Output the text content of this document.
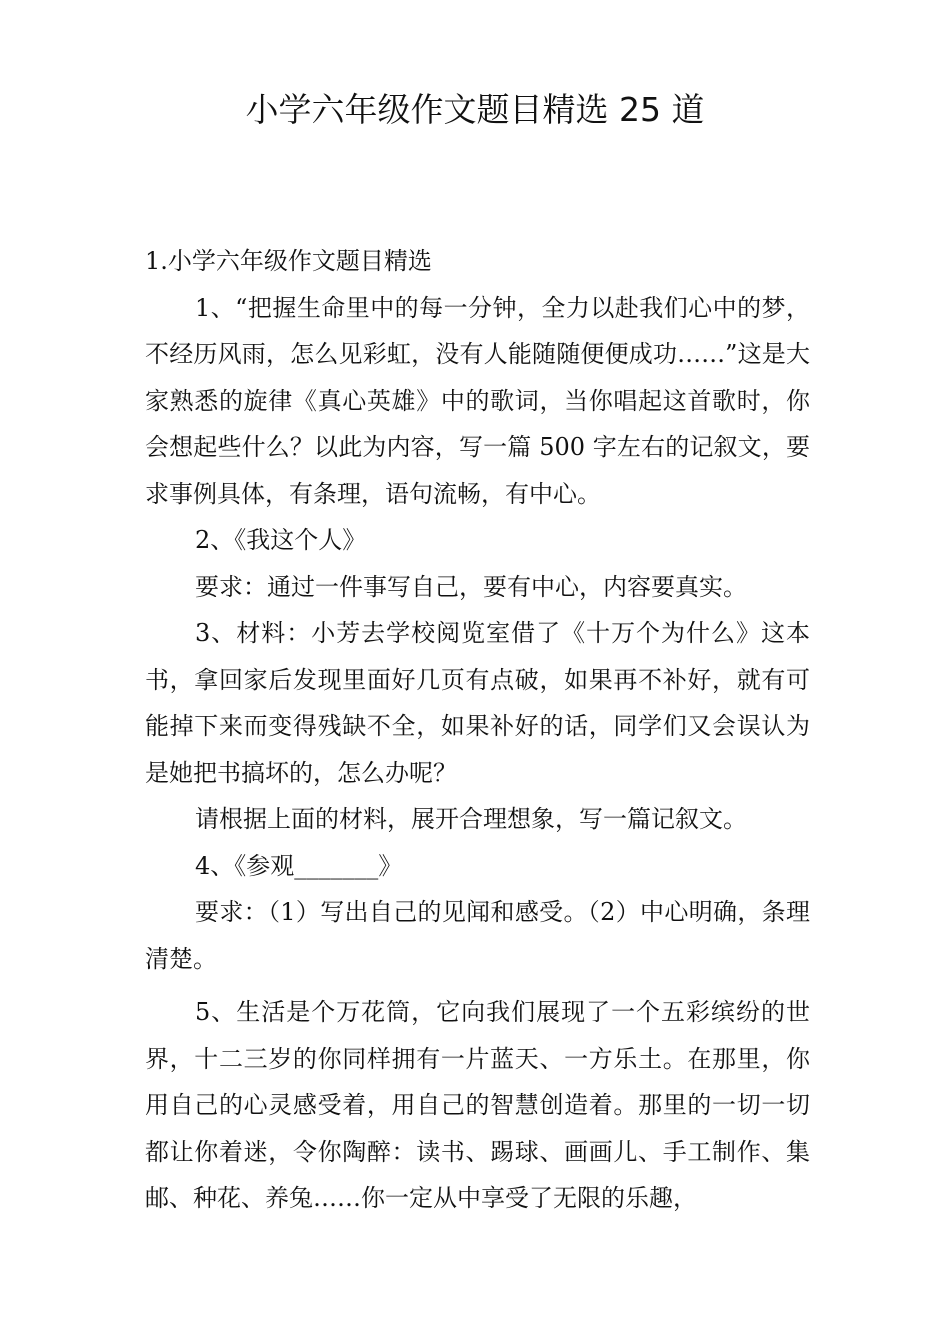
小学六年级作文题目精选 25 道

1.小学六年级作文题目精选

1、“把握生命里中的每一分钟，全力以赴我们心中的梦，不经历风雨，怎么见彩虹，没有人能随随便便成功……”这是大家熟悉的旋律《真心英雄》中的歌词，当你唱起这首歌时，你会想起些什么？以此为内容，写一篇 500 字左右的记叙文，要求事例具体，有条理，语句流畅，有中心。

2、《我这个人》

要求：通过一件事写自己，要有中心，内容要真实。

3、材料：小芳去学校阅览室借了《十万个为什么》这本书，拿回家后发现里面好几页有点破，如果再不补好，就有可能掉下来而变得残缺不全，如果补好的话，同学们又会误认为是她把书搞坏的，怎么办呢？

请根据上面的材料，展开合理想象，写一篇记叙文。

4、《参观_______》

要求：（1）写出自己的见闻和感受。（2）中心明确，条理清楚。

5、生活是个万花筒，它向我们展现了一个五彩缤纷的世界，十二三岁的你同样拥有一片蓝天、一方乐土。在那里，你用自己的心灵感受着，用自己的智慧创造着。那里的一切一切都让你着迷，令你陶醉：读书、踢球、画画儿、手工制作、集邮、种花、养兔……你一定从中享受了无限的乐趣，
